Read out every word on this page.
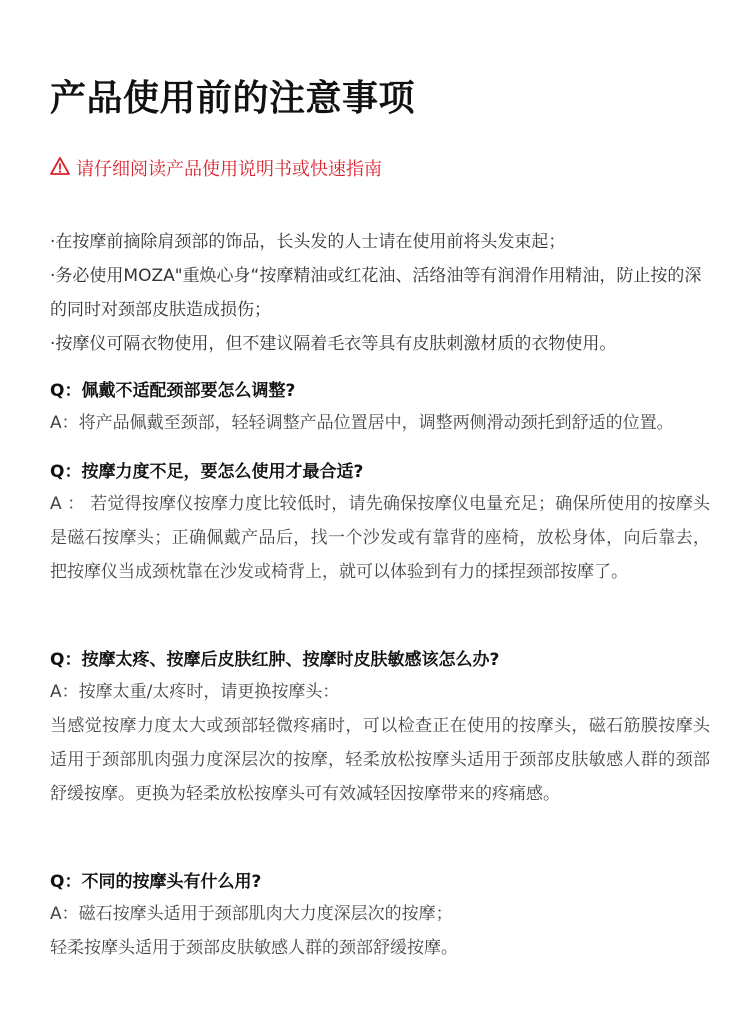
产品使用前的注意事项
请仔细阅读产品使用说明书或快速指南

·在按摩前摘除肩颈部的饰品，长头发的人士请在使用前将头发束起；

·务必使用MOZA"重焕心身“按摩精油或红花油、活络油等有润滑作用精油，防止按的深的同时对颈部皮肤造成损伤；

·按摩仪可隔衣物使用，但不建议隔着毛衣等具有皮肤刺激材质的衣物使用。

Q：佩戴不适配颈部要怎么调整?

A：将产品佩戴至颈部，轻轻调整产品位置居中，调整两侧滑动颈托到舒适的位置。

Q：按摩力度不足，要怎么使用才最合适?

A ： 若觉得按摩仪按摩力度比较低时，请先确保按摩仪电量充足；确保所使用的按摩头是磁石按摩头；正确佩戴产品后，找一个沙发或有靠背的座椅，放松身体，向后靠去，把按摩仪当成颈枕靠在沙发或椅背上，就可以体验到有力的揉捏颈部按摩了。

Q：按摩太疼、按摩后皮肤红肿、按摩时皮肤敏感该怎么办?

A：按摩太重/太疼时，请更换按摩头：

当感觉按摩力度太大或颈部轻微疼痛时，可以检查正在使用的按摩头，磁石筋膜按摩头适用于颈部肌肉强力度深层次的按摩，轻柔放松按摩头适用于颈部皮肤敏感人群的颈部舒缓按摩。更换为轻柔放松按摩头可有效减轻因按摩带来的疼痛感。

Q：不同的按摩头有什么用?

A：磁石按摩头适用于颈部肌肉大力度深层次的按摩；

轻柔按摩头适用于颈部皮肤敏感人群的颈部舒缓按摩。
